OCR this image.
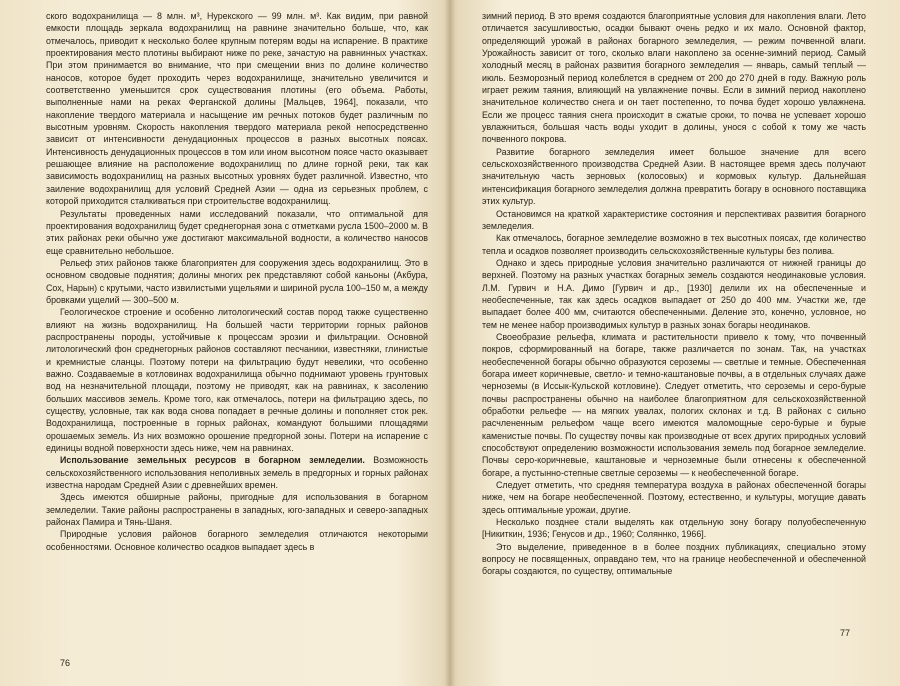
ского водохранилища — 8 млн. м³, Нурекского — 99 млн. м³. Как видим, при равной емкости площадь зеркала водохранилищ на равнине значительно больше, что, как отмечалось, приводит к несколько более крупным потерям воды на испарение. В практике проектирования место плотины выбирают ниже по реке, зачастую на равнинных участках. При этом принимается во внимание, что при смещении вниз по долине количество наносов, которое будет проходить через водохранилище, значительно увеличится и соответственно уменьшится срок существования плотины (его объема. Работы, выполненные нами на реках Ферганской долины [Мальцев, 1964], показали, что накопление твердого материала и насыщение им речных потоков будет различным по высотным уровням. Скорость накопления твердого материала рекой непосредственно зависит от интенсивности денудационных процессов в разных высотных поясах. Интенсивность денудационных процессов в том или ином высотном поясе часто оказывает решающее влияние на расположение водохранилищ по длине горной реки, так как зависимость водохранилищ на разных высотных уровнях будет различной. Известно, что заиление водохранилищ для условий Средней Азии — одна из серьезных проблем, с которой приходится сталкиваться при строительстве водохранилищ.

Результаты проведенных нами исследований показали, что оптимальной для проектирования водохранилищ будет среднегорная зона с отметками русла 1500–2000 м. В этих районах реки обычно уже достигают максимальной водности, а количество наносов еще сравнительно небольшое.

Рельеф этих районов также благоприятен для сооружения здесь водохранилищ. Это в основном сводовые поднятия; долины многих рек представляют собой каньоны (Акбура, Сох, Нарын) с крутыми, часто извилистыми ущельями и шириной русла 100–150 м, а между бровками ущелий — 300–500 м.

Геологическое строение и особенно литологический состав пород также существенно влияют на жизнь водохранилищ. На большей части территории горных районов распространены породы, устойчивые к процессам эрозии и фильтрации. Основной литологический фон среднегорных районов составляют песчаники, известняки, глинистые и кремнистые сланцы. Поэтому потери на фильтрацию будут невелики, что особенно важно. Создаваемые в котловинах водохранилища обычно поднимают уровень грунтовых вод на незначительной площади, поэтому не приводят, как на равнинах, к засолению больших массивов земель. Кроме того, как отмечалось, потери на фильтрацию здесь, по существу, условные, так как вода снова попадает в речные долины и пополняет сток рек. Водохранилища, построенные в горных районах, командуют большими площадями орошаемых земель. Из них возможно орошение предгорной зоны. Потери на испарение с единицы водной поверхности здесь ниже, чем на равнинах.

Использование земельных ресурсов в богарном земледелии. Возможность сельскохозяйственного использования неполивных земель в предгорных и горных районах известна народам Средней Азии с древнейших времен.

Здесь имеются обширные районы, пригодные для использования в богарном земледелии. Такие районы распространены в западных, юго-западных и северо-западных районах Памира и Тянь-Шаня.

Природные условия районов богарного земледелия отличаются некоторыми особенностями. Основное количество осадков выпадает здесь в

76

зимний период. В это время создаются благоприятные условия для накопления влаги. Лето отличается засушливостью, осадки бывают очень редко и их мало. Основной фактор, определяющий урожай в районах богарного земледелия, — режим почвенной влаги. Урожайность зависит от того, сколько влаги накоплено за осенне-зимний период. Самый холодный месяц в районах развития богарного земледелия — январь, самый теплый — июль. Безморозный период колеблется в среднем от 200 до 270 дней в году. Важную роль играет режим таяния, влияющий на увлажнение почвы. Если в зимний период накоплено значительное количество снега и он тает постепенно, то почва будет хорошо увлажнена. Если же процесс таяния снега происходит в сжатые сроки, то почва не успевает хорошо увлажниться, большая часть воды уходит в долины, унося с собой к тому же часть почвенного покрова.

Развитие богарного земледелия имеет большое значение для всего сельскохозяйственного производства Средней Азии. В настоящее время здесь получают значительную часть зерновых (колосовых) и кормовых культур. Дальнейшая интенсификация богарного земледелия должна превратить богару в основного поставщика этих культур.

Остановимся на краткой характеристике состояния и перспективах развития богарного земледелия.

Как отмечалось, богарное земледелие возможно в тех высотных поясах, где количество тепла и осадков позволяет производить сельскохозяйственные культуры без полива.

Однако и здесь природные условия значительно различаются от нижней границы до верхней. Поэтому на разных участках богарных земель создаются неодинаковые условия. Л.М. Гурвич и Н.А. Димо [Гурвич и др., [1930] делили их на обеспеченные и необеспеченные, так как здесь осадков выпадает от 250 до 400 мм. Участки же, где выпадает более 400 мм, считаются обеспеченными. Деление это, конечно, условное, но тем не менее набор производимых культур в разных зонах богары неодинаков.

Своеобразие рельефа, климата и растительности привело к тому, что почвенный покров, сформированный на богаре, также различается по зонам. Так, на участках необеспеченной богары обычно образуются сероземы — светлые и темные. Обеспеченная богара имеет коричневые, светло- и темно-каштановые почвы, а в отдельных случаях даже черноземы (в Иссык-Кульской котловине). Следует отметить, что сероземы и серо-бурые почвы распространены обычно на наиболее благоприятном для сельскохозяйственной обработки рельефе — на мягких увалах, пологих склонах и т.д. В районах с сильно расчлененным рельефом чаще всего имеются маломощные серо-бурые и бурые каменистые почвы. По существу почвы как производные от всех других природных условий способствуют определению возможности использования земель под богарное земледелие. Почвы серо-коричневые, каштановые и черноземные были отнесены к обеспеченной богаре, а пустынно-степные светлые сероземы — к необеспеченной богаре.

Следует отметить, что средняя температура воздуха в районах обеспеченной богары ниже, чем на богаре необеспеченной. Поэтому, естественно, и культуры, могущие давать здесь оптимальные урожаи, другие.

Несколько позднее стали выделять как отдельную зону богару полуобеспеченную [Никиткин, 1936; Генусов и др., 1960; Соляннко, 1966].

Это выделение, приведенное в в более поздних публикациях, специально этому вопросу не посвященных, оправдано тем, что на границе необеспеченной и обеспеченной богары создаются, по существу, оптимальные

77
